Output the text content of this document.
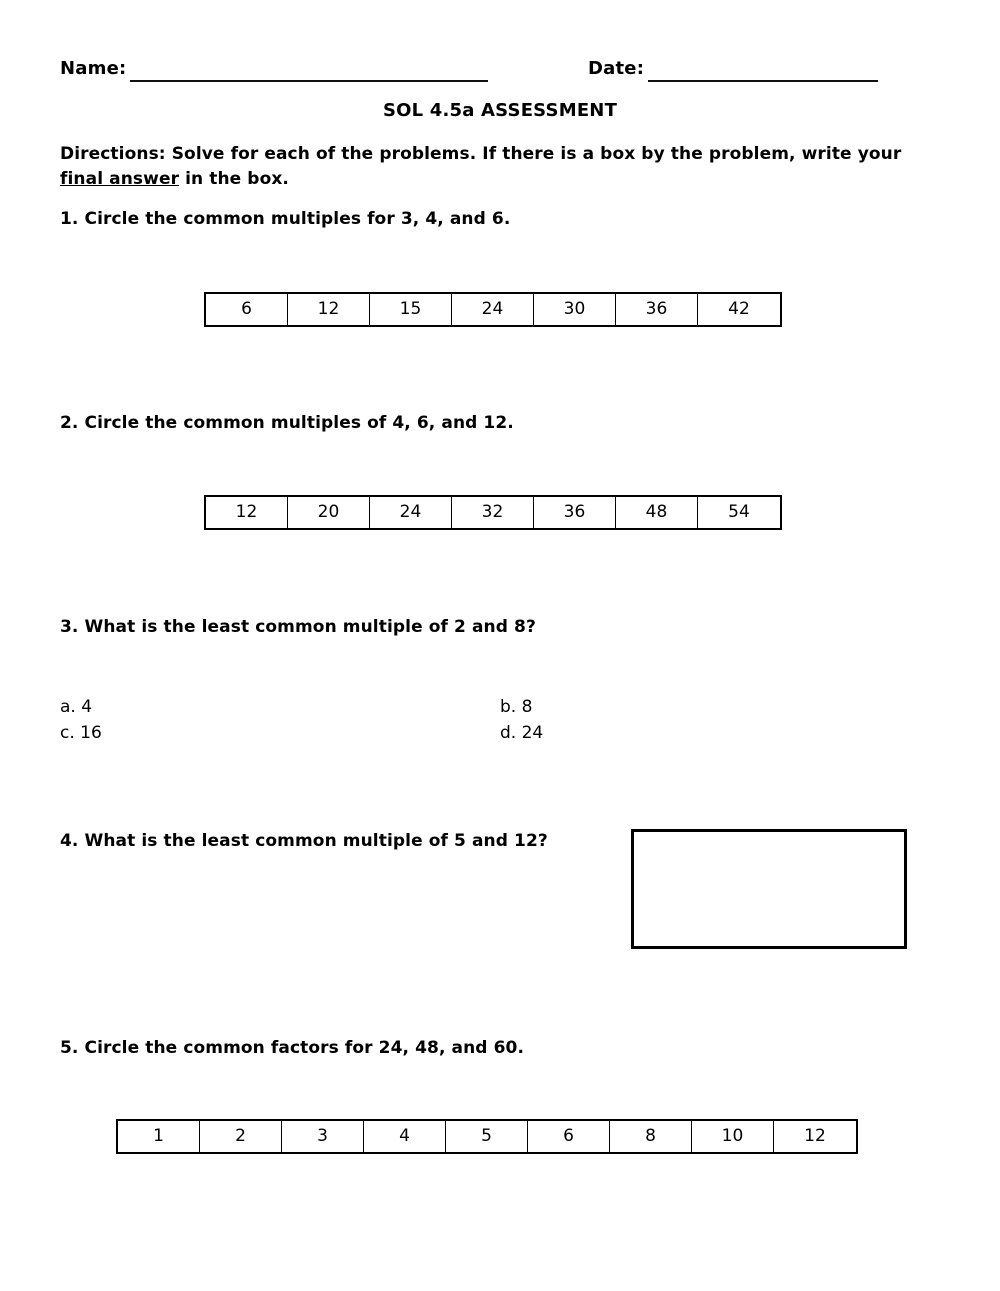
Name:	Date:
SOL 4.5a ASSESSMENT
Directions: Solve for each of the problems. If there is a box by the problem, write your
final answer in the box.
1. Circle the common multiples for 3, 4, and 6.
6	12	15	24	30	36	42
2. Circle the common multiples of 4, 6, and 12.
12	20	24	32	36	48	54
3. What is the least common multiple of 2 and 8?
a. 4	b. 8
c. 16	d. 24
4. What is the least common multiple of 5 and 12?
5. Circle the common factors for 24, 48, and 60.
1	2	3	4	5	6	8	10	12
